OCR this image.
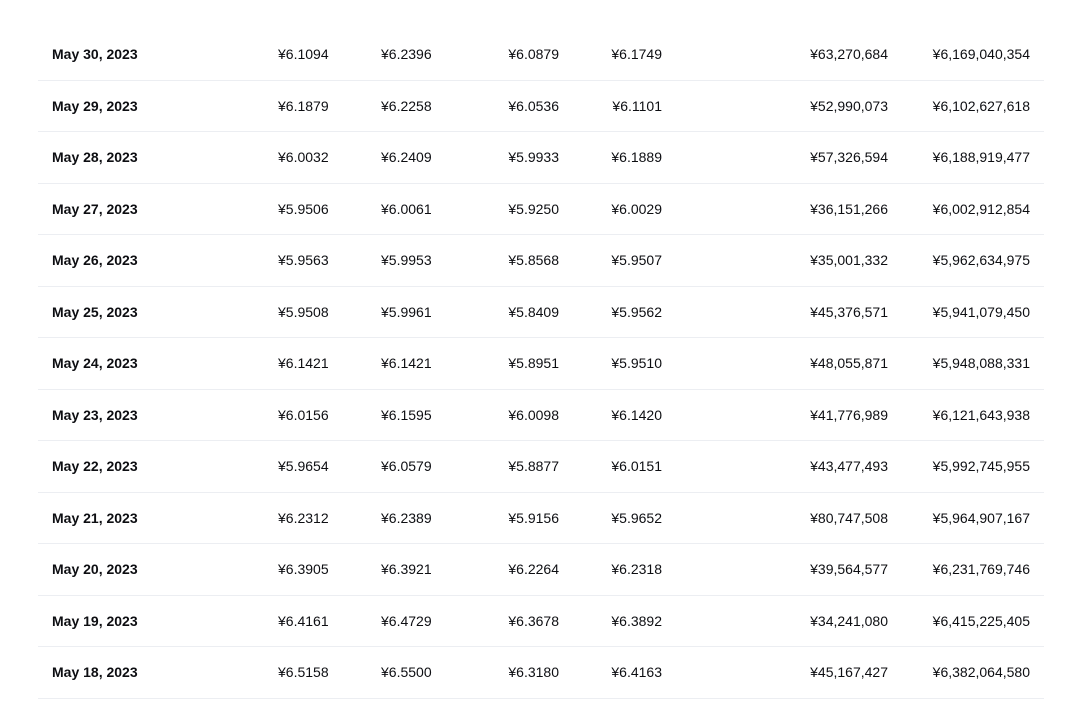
May 30, 2023	¥6.1094	¥6.2396	¥6.0879	¥6.1749	¥63,270,684	¥6,169,040,354
May 29, 2023	¥6.1879	¥6.2258	¥6.0536	¥6.1101	¥52,990,073	¥6,102,627,618
May 28, 2023	¥6.0032	¥6.2409	¥5.9933	¥6.1889	¥57,326,594	¥6,188,919,477
May 27, 2023	¥5.9506	¥6.0061	¥5.9250	¥6.0029	¥36,151,266	¥6,002,912,854
May 26, 2023	¥5.9563	¥5.9953	¥5.8568	¥5.9507	¥35,001,332	¥5,962,634,975
May 25, 2023	¥5.9508	¥5.9961	¥5.8409	¥5.9562	¥45,376,571	¥5,941,079,450
May 24, 2023	¥6.1421	¥6.1421	¥5.8951	¥5.9510	¥48,055,871	¥5,948,088,331
May 23, 2023	¥6.0156	¥6.1595	¥6.0098	¥6.1420	¥41,776,989	¥6,121,643,938
May 22, 2023	¥5.9654	¥6.0579	¥5.8877	¥6.0151	¥43,477,493	¥5,992,745,955
May 21, 2023	¥6.2312	¥6.2389	¥5.9156	¥5.9652	¥80,747,508	¥5,964,907,167
May 20, 2023	¥6.3905	¥6.3921	¥6.2264	¥6.2318	¥39,564,577	¥6,231,769,746
May 19, 2023	¥6.4161	¥6.4729	¥6.3678	¥6.3892	¥34,241,080	¥6,415,225,405
May 18, 2023	¥6.5158	¥6.5500	¥6.3180	¥6.4163	¥45,167,427	¥6,382,064,580
